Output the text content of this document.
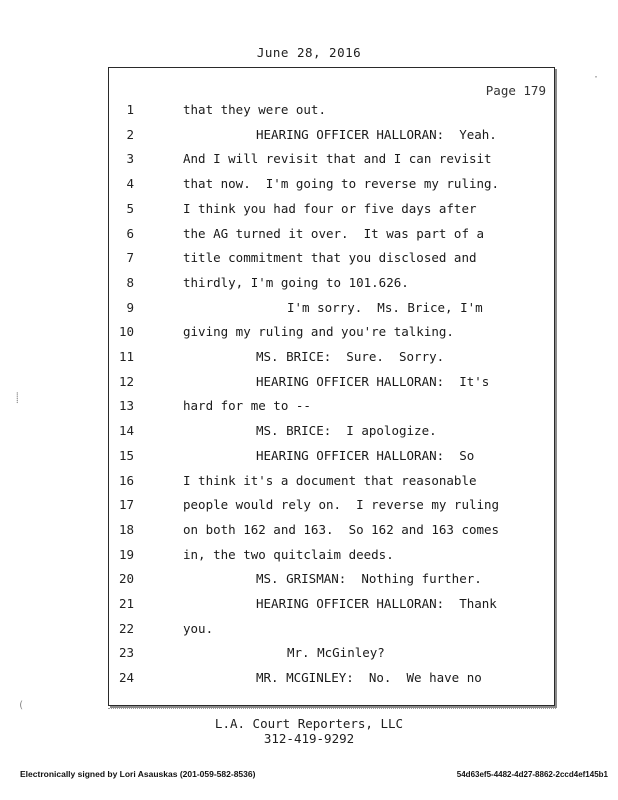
June 28, 2016
Page 179
1	that they were out.
2	HEARING OFFICER HALLORAN:  Yeah.
3	And I will revisit that and I can revisit
4	that now.  I'm going to reverse my ruling.
5	I think you had four or five days after
6	the AG turned it over.  It was part of a
7	title commitment that you disclosed and
8	thirdly, I'm going to 101.626.
9	I'm sorry.  Ms. Brice, I'm
10	giving my ruling and you're talking.
11	MS. BRICE:  Sure.  Sorry.
12	HEARING OFFICER HALLORAN:  It's
13	hard for me to --
14	MS. BRICE:  I apologize.
15	HEARING OFFICER HALLORAN:  So
16	I think it's a document that reasonable
17	people would rely on.  I reverse my ruling
18	on both 162 and 163.  So 162 and 163 comes
19	in, the two quitclaim deeds.
20	MS. GRISMAN:  Nothing further.
21	HEARING OFFICER HALLORAN:  Thank
22	you.
23	Mr. McGinley?
24	MR. MCGINLEY:  No.  We have no
L.A. Court Reporters, LLC
312-419-9292
Electronically signed by Lori Asauskas (201-059-582-8536)	54d63ef5-4482-4d27-8862-2ccd4ef145b1
⸽
(
·
